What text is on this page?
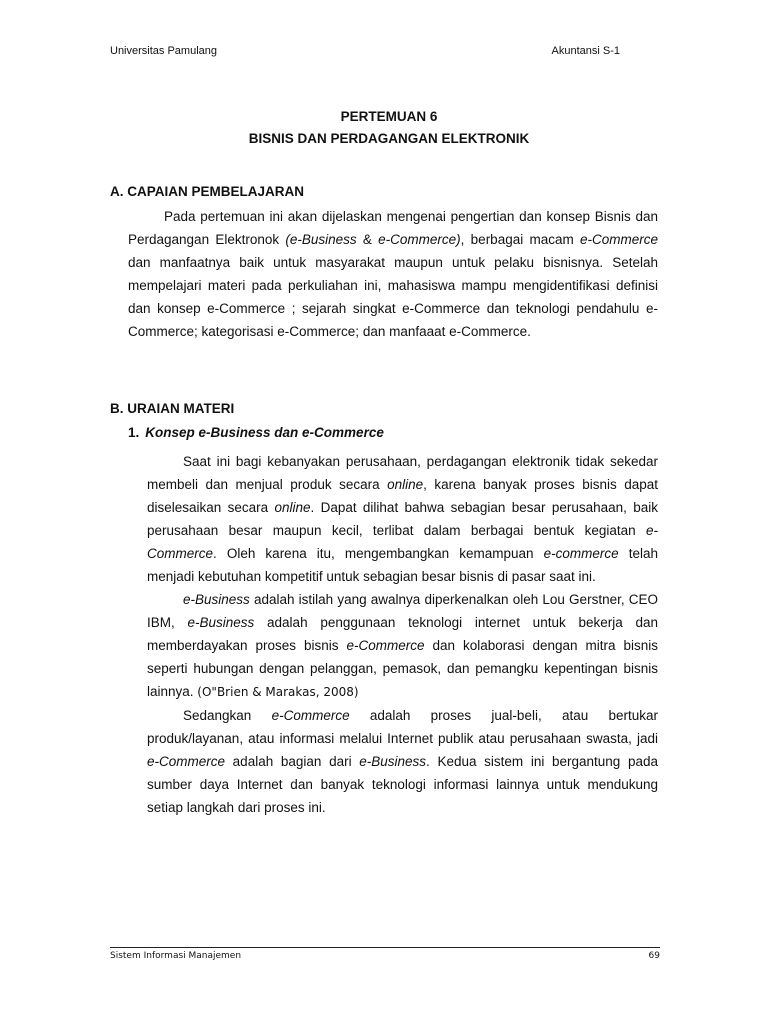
Universitas Pamulang	Akuntansi S-1
PERTEMUAN 6
BISNIS DAN PERDAGANGAN ELEKTRONIK
A. CAPAIAN PEMBELAJARAN

Pada pertemuan ini akan dijelaskan mengenai pengertian dan konsep Bisnis dan Perdagangan Elektronok (e-Business & e-Commerce), berbagai macam e-Commerce dan manfaatnya baik untuk masyarakat maupun untuk pelaku bisnisnya. Setelah mempelajari materi pada perkuliahan ini, mahasiswa mampu mengidentifikasi definisi dan konsep e-Commerce ; sejarah singkat e-Commerce dan teknologi pendahulu e-Commerce; kategorisasi e-Commerce; dan manfaaat e-Commerce.

B. URAIAN MATERI
1. Konsep e-Business dan e-Commerce

Saat ini bagi kebanyakan perusahaan, perdagangan elektronik tidak sekedar membeli dan menjual produk secara online, karena banyak proses bisnis dapat diselesaikan secara online. Dapat dilihat bahwa sebagian besar perusahaan, baik perusahaan besar maupun kecil, terlibat dalam berbagai bentuk kegiatan e-Commerce. Oleh karena itu, mengembangkan kemampuan e-commerce telah menjadi kebutuhan kompetitif untuk sebagian besar bisnis di pasar saat ini.

e-Business adalah istilah yang awalnya diperkenalkan oleh Lou Gerstner, CEO IBM, e-Business adalah penggunaan teknologi internet untuk bekerja dan memberdayakan proses bisnis e-Commerce dan kolaborasi dengan mitra bisnis seperti hubungan dengan pelanggan, pemasok, dan pemangku kepentingan bisnis lainnya. (O"Brien & Marakas, 2008)

Sedangkan e-Commerce adalah proses jual-beli, atau bertukar produk/layanan, atau informasi melalui Internet publik atau perusahaan swasta, jadi e-Commerce adalah bagian dari e-Business. Kedua sistem ini bergantung pada sumber daya Internet dan banyak teknologi informasi lainnya untuk mendukung setiap langkah dari proses ini.

Sistem Informasi Manajemen	69
